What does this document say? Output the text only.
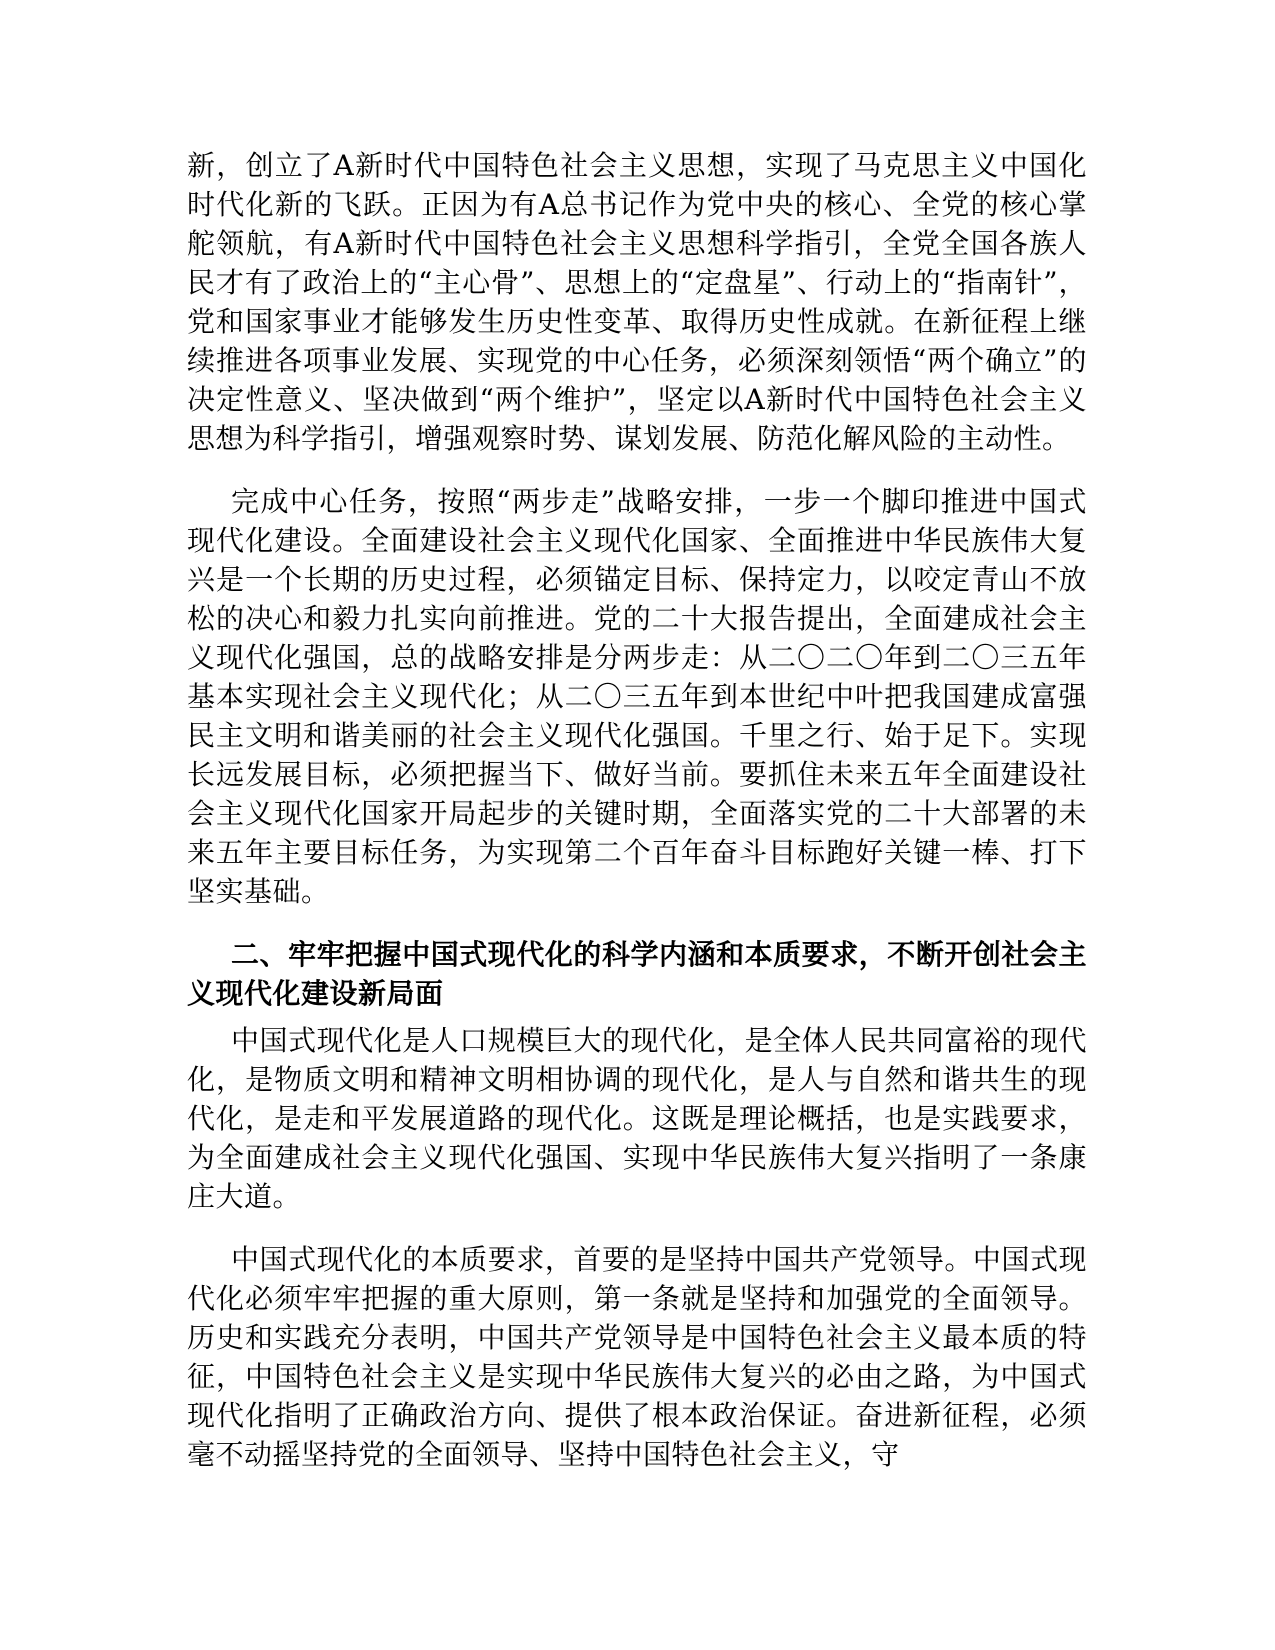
新，创立了A新时代中国特色社会主义思想，实现了马克思主义中国化时代化新的飞跃。正因为有A总书记作为党中央的核心、全党的核心掌舵领航，有A新时代中国特色社会主义思想科学指引，全党全国各族人民才有了政治上的“主心骨”、思想上的“定盘星”、行动上的“指南针”，党和国家事业才能够发生历史性变革、取得历史性成就。在新征程上继续推进各项事业发展、实现党的中心任务，必须深刻领悟“两个确立”的决定性意义、坚决做到“两个维护”，坚定以A新时代中国特色社会主义思想为科学指引，增强观察时势、谋划发展、防范化解风险的主动性。

完成中心任务，按照“两步走”战略安排，一步一个脚印推进中国式现代化建设。全面建设社会主义现代化国家、全面推进中华民族伟大复兴是一个长期的历史过程，必须锚定目标、保持定力，以咬定青山不放松的决心和毅力扎实向前推进。党的二十大报告提出，全面建成社会主义现代化强国，总的战略安排是分两步走：从二〇二〇年到二〇三五年基本实现社会主义现代化；从二〇三五年到本世纪中叶把我国建成富强民主文明和谐美丽的社会主义现代化强国。千里之行、始于足下。实现长远发展目标，必须把握当下、做好当前。要抓住未来五年全面建设社会主义现代化国家开局起步的关键时期，全面落实党的二十大部署的未来五年主要目标任务，为实现第二个百年奋斗目标跑好关键一棒、打下坚实基础。

二、牢牢把握中国式现代化的科学内涵和本质要求，不断开创社会主义现代化建设新局面

中国式现代化是人口规模巨大的现代化，是全体人民共同富裕的现代化，是物质文明和精神文明相协调的现代化，是人与自然和谐共生的现代化，是走和平发展道路的现代化。这既是理论概括，也是实践要求，为全面建成社会主义现代化强国、实现中华民族伟大复兴指明了一条康庄大道。

中国式现代化的本质要求，首要的是坚持中国共产党领导。中国式现代化必须牢牢把握的重大原则，第一条就是坚持和加强党的全面领导。历史和实践充分表明，中国共产党领导是中国特色社会主义最本质的特征，中国特色社会主义是实现中华民族伟大复兴的必由之路，为中国式现代化指明了正确政治方向、提供了根本政治保证。奋进新征程，必须毫不动摇坚持党的全面领导、坚持中国特色社会主义，守
